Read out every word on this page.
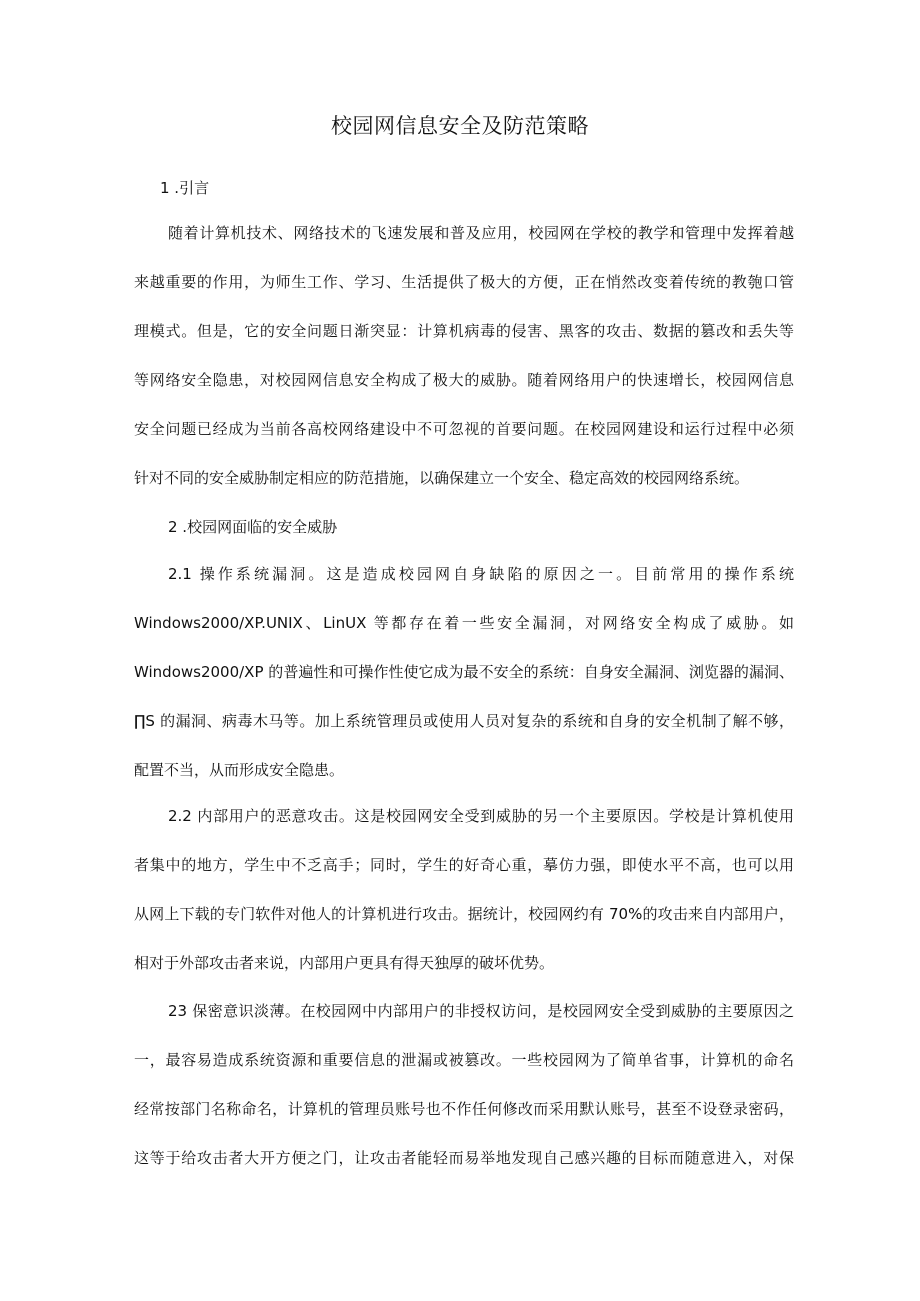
校园网信息安全及防范策略
1 .引言
随着计算机技术、网络技术的飞速发展和普及应用，校园网在学校的教学和管理中发挥着越
来越重要的作用，为师生工作、学习、生活提供了极大的方便，正在悄然改变着传统的教匏口管
理模式。但是，它的安全问题日渐突显：计算机病毒的侵害、黑客的攻击、数据的篡改和丢失等
等网络安全隐患，对校园网信息安全构成了极大的威胁。随着网络用户的快速增长，校园网信息
安全问题已经成为当前各高校网络建设中不可忽视的首要问题。在校园网建设和运行过程中必须
针对不同的安全威胁制定相应的防范措施，以确保建立一个安全、稳定高效的校园网络系统。
2 .校园网面临的安全威胁
2.1 操作系统漏洞。这是造成校园网自身缺陷的原因之一。目前常用的操作系统
Windows2000∕XP.UNIX、LinUX 等都存在着一些安全漏洞，对网络安全构成了威胁。如
Windows2000∕XP 的普遍性和可操作性使它成为最不安全的系统：自身安全漏洞、浏览器的漏洞、
∏S 的漏洞、病毒木马等。加上系统管理员或使用人员对复杂的系统和自身的安全机制了解不够，
配置不当，从而形成安全隐患。
2.2 内部用户的恶意攻击。这是校园网安全受到威胁的另一个主要原因。学校是计算机使用
者集中的地方，学生中不乏高手；同时，学生的好奇心重，摹仿力强，即使水平不高，也可以用
从网上下载的专门软件对他人的计算机进行攻击。据统计，校园网约有 70%的攻击来自内部用户，
相对于外部攻击者来说，内部用户更具有得天独厚的破坏优势。
23 保密意识淡薄。在校园网中内部用户的非授权访问，是校园网安全受到威胁的主要原因之
一，最容易造成系统资源和重要信息的泄漏或被篡改。一些校园网为了简单省事，计算机的命名
经常按部门名称命名，计算机的管理员账号也不作任何修改而采用默认账号，甚至不设登录密码，
这等于给攻击者大开方便之门，让攻击者能轻而易举地发现自己感兴趣的目标而随意进入，对保
